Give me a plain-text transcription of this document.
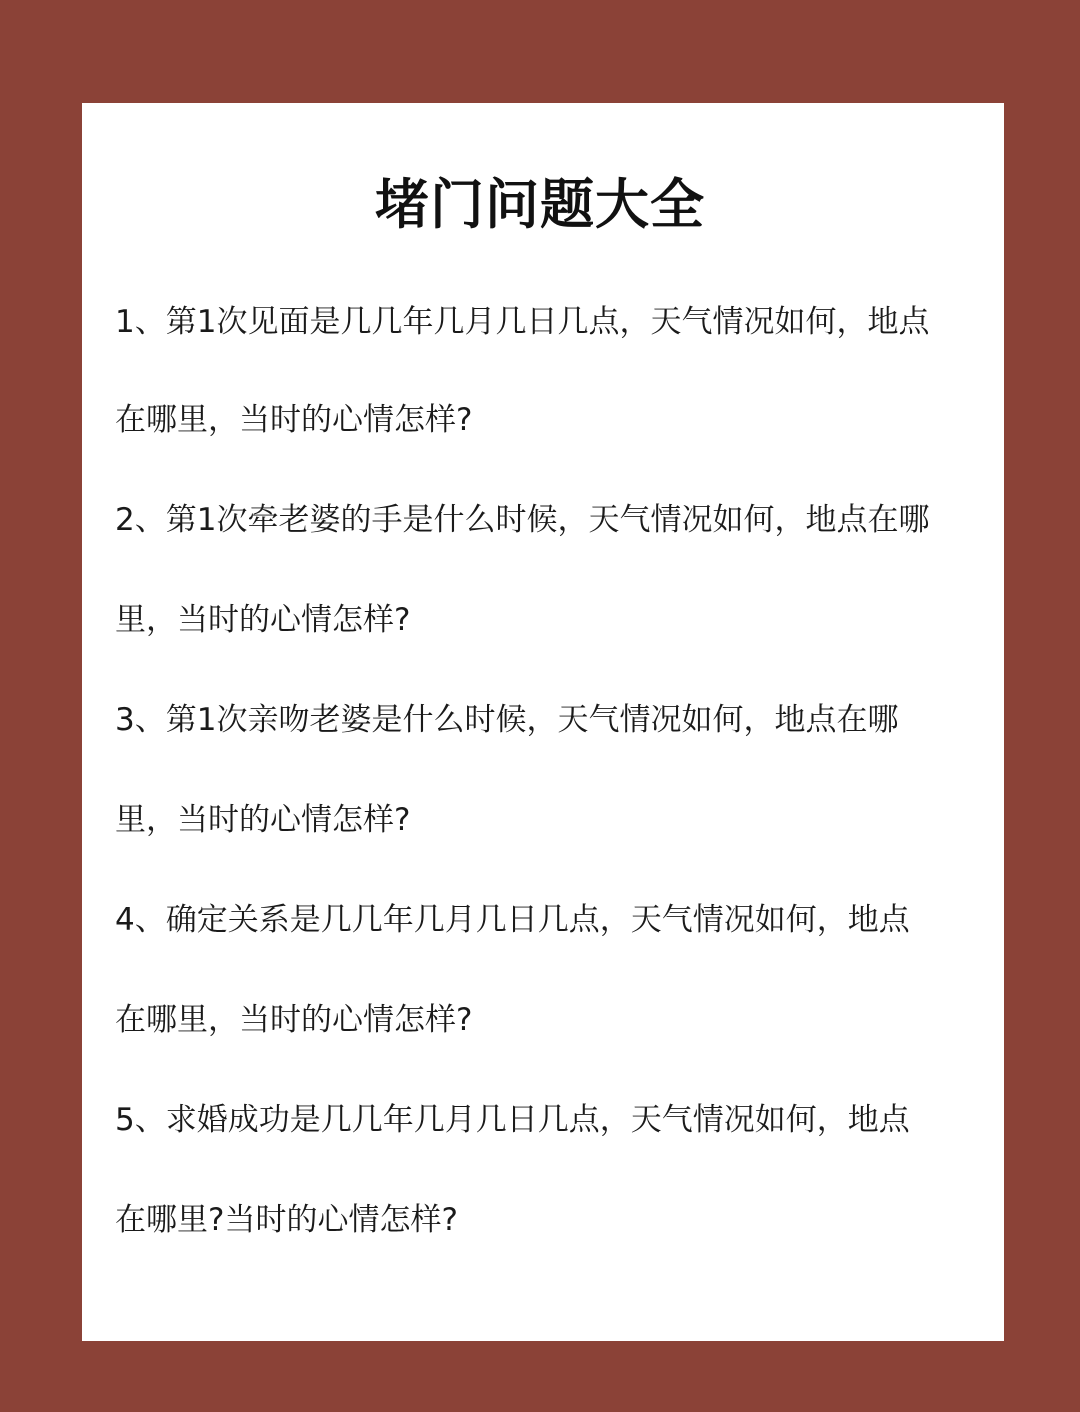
堵门问题大全
1、第1次见面是几几年几月几日几点，天气情况如何，地点
在哪里，当时的心情怎样?
2、第1次牵老婆的手是什么时候，天气情况如何，地点在哪
里，当时的心情怎样?
3、第1次亲吻老婆是什么时候，天气情况如何，地点在哪
里，当时的心情怎样?
4、确定关系是几几年几月几日几点，天气情况如何，地点
在哪里，当时的心情怎样?
5、求婚成功是几几年几月几日几点，天气情况如何，地点
在哪里?当时的心情怎样?
